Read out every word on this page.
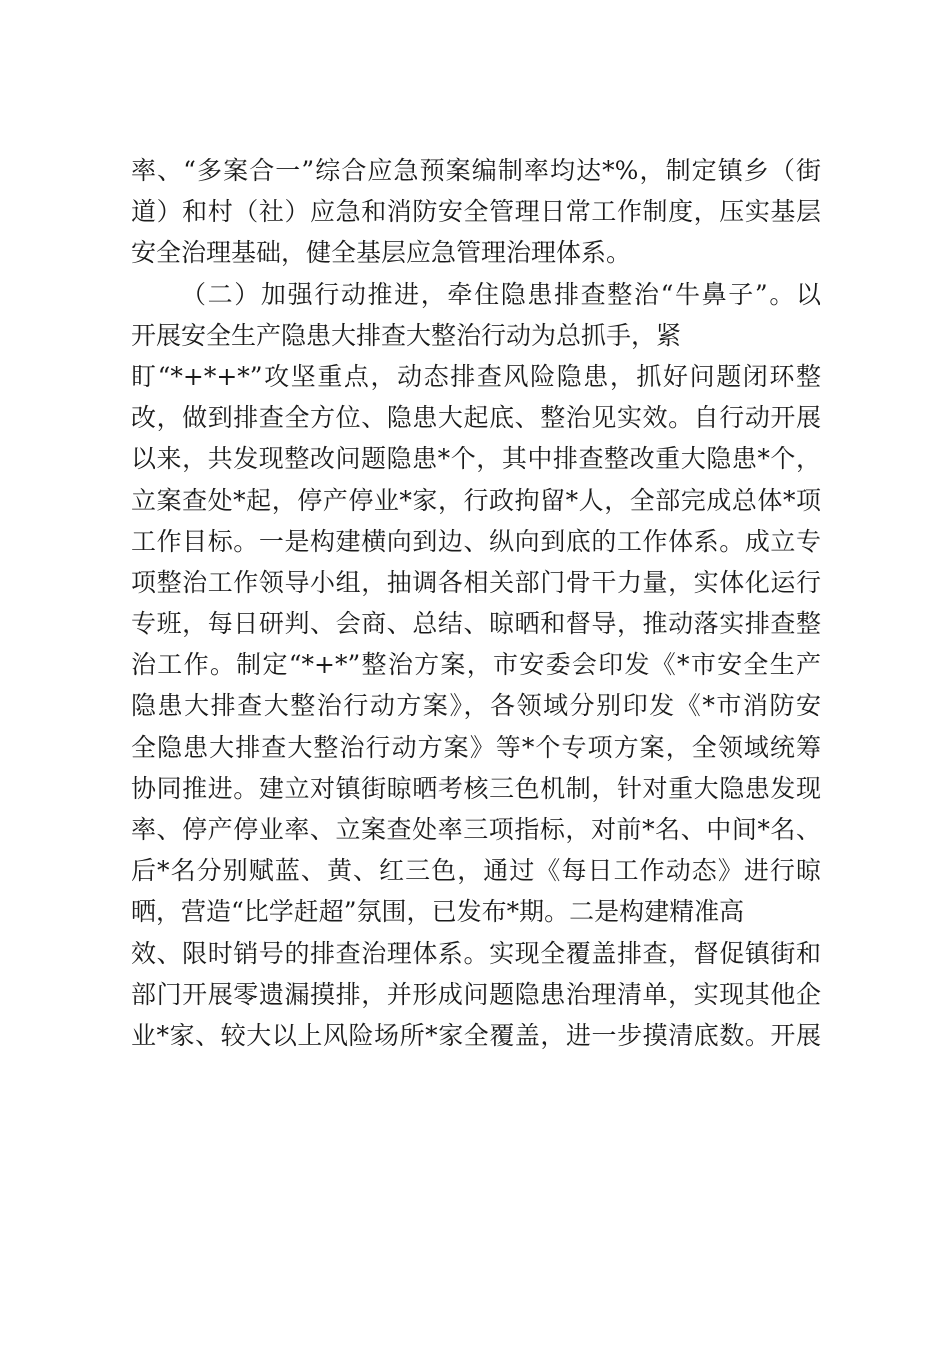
率、“多案合一”综合应急预案编制率均达*%，制定镇乡（街
道）和村（社）应急和消防安全管理日常工作制度，压实基层
安全治理基础，健全基层应急管理治理体系。
（二）加强行动推进，牵住隐患排查整治“牛鼻子”。以
开展安全生产隐患大排查大整治行动为总抓手，紧
盯“*+*+*”攻坚重点，动态排查风险隐患，抓好问题闭环整
改，做到排查全方位、隐患大起底、整治见实效。自行动开展
以来，共发现整改问题隐患*个，其中排查整改重大隐患*个，
立案查处*起，停产停业*家，行政拘留*人，全部完成总体*项
工作目标。一是构建横向到边、纵向到底的工作体系。成立专
项整治工作领导小组，抽调各相关部门骨干力量，实体化运行
专班，每日研判、会商、总结、晾晒和督导，推动落实排查整
治工作。制定“*+*”整治方案，市安委会印发《*市安全生产
隐患大排查大整治行动方案》，各领域分别印发《*市消防安
全隐患大排查大整治行动方案》等*个专项方案，全领域统筹
协同推进。建立对镇街晾晒考核三色机制，针对重大隐患发现
率、停产停业率、立案查处率三项指标，对前*名、中间*名、
后*名分别赋蓝、黄、红三色，通过《每日工作动态》进行晾
晒，营造“比学赶超”氛围，已发布*期。二是构建精准高
效、限时销号的排查治理体系。实现全覆盖排查，督促镇街和
部门开展零遗漏摸排，并形成问题隐患治理清单，实现其他企
业*家、较大以上风险场所*家全覆盖，进一步摸清底数。开展
